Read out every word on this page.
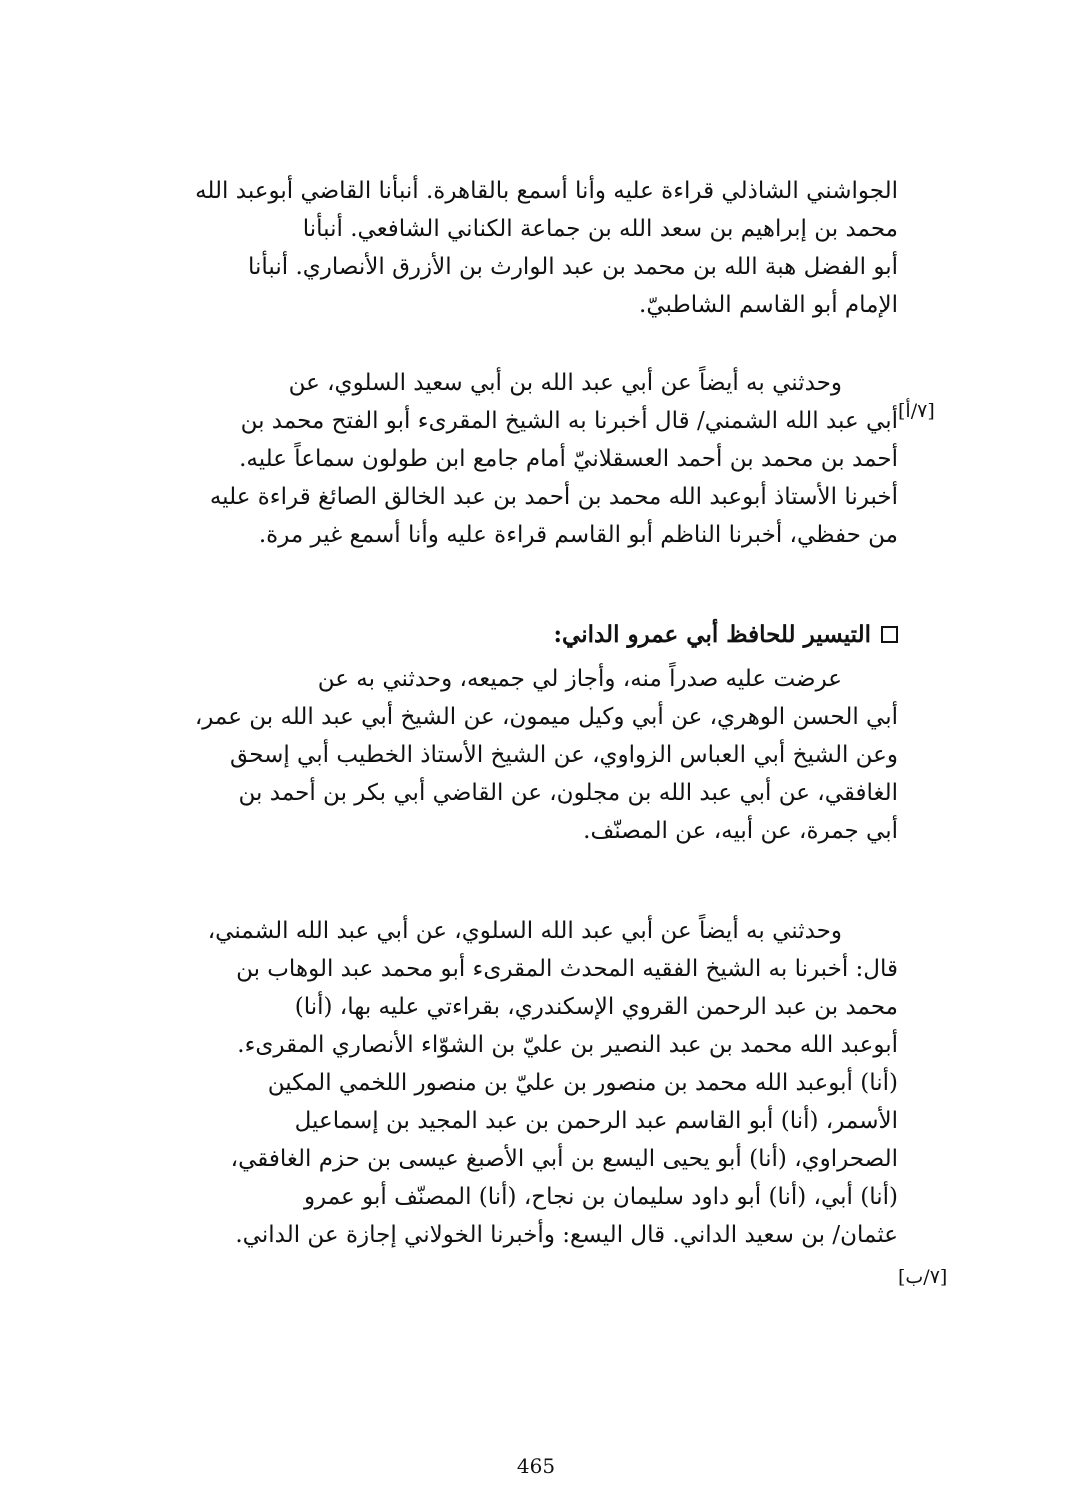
الجواشني الشاذلي قراءة عليه وأنا أسمع بالقاهرة. أنبأنا القاضي أبوعبد الله
محمد بن إبراهيم بن سعد الله بن جماعة الكناني الشافعي. أنبأنا
أبو الفضل هبة الله بن محمد بن عبد الوارث بن الأزرق الأنصاري. أنبأنا
الإمام أبو القاسم الشاطبيّ.
وحدثني به أيضاً عن أبي عبد الله بن أبي سعيد السلوي، عن
أبي عبد الله الشمني/ قال أخبرنا به الشيخ المقرىء أبو الفتح محمد بن
أحمد بن محمد بن أحمد العسقلانيّ أمام جامع ابن طولون سماعاً عليه.
أخبرنا الأستاذ أبوعبد الله محمد بن أحمد بن عبد الخالق الصائغ قراءة عليه
من حفظي، أخبرنا الناظم أبو القاسم قراءة عليه وأنا أسمع غير مرة.
[٧/أ]
التيسير للحافظ أبي عمرو الداني:
عرضت عليه صدراً منه، وأجاز لي جميعه، وحدثني به عن
أبي الحسن الوهري، عن أبي وكيل ميمون، عن الشيخ أبي عبد الله بن عمر،
وعن الشيخ أبي العباس الزواوي، عن الشيخ الأستاذ الخطيب أبي إسحق
الغافقي، عن أبي عبد الله بن مجلون، عن القاضي أبي بكر بن أحمد بن
أبي جمرة، عن أبيه، عن المصنّف.
وحدثني به أيضاً عن أبي عبد الله السلوي، عن أبي عبد الله الشمني،
قال: أخبرنا به الشيخ الفقيه المحدث المقرىء أبو محمد عبد الوهاب بن
محمد بن عبد الرحمن القروي الإسكندري، بقراءتي عليه بها، (أنا)
أبوعبد الله محمد بن عبد النصير بن عليّ بن الشوّاء الأنصاري المقرىء.
(أنا) أبوعبد الله محمد بن منصور بن عليّ بن منصور اللخمي المكين
الأسمر، (أنا) أبو القاسم عبد الرحمن بن عبد المجيد بن إسماعيل
الصحراوي، (أنا) أبو يحيى اليسع بن أبي الأصبغ عيسى بن حزم الغافقي،
(أنا) أبي، (أنا) أبو داود سليمان بن نجاح، (أنا) المصنّف أبو عمرو
عثمان/ بن سعيد الداني. قال اليسع: وأخبرنا الخولاني إجازة عن الداني.
[٧/ب]
465
